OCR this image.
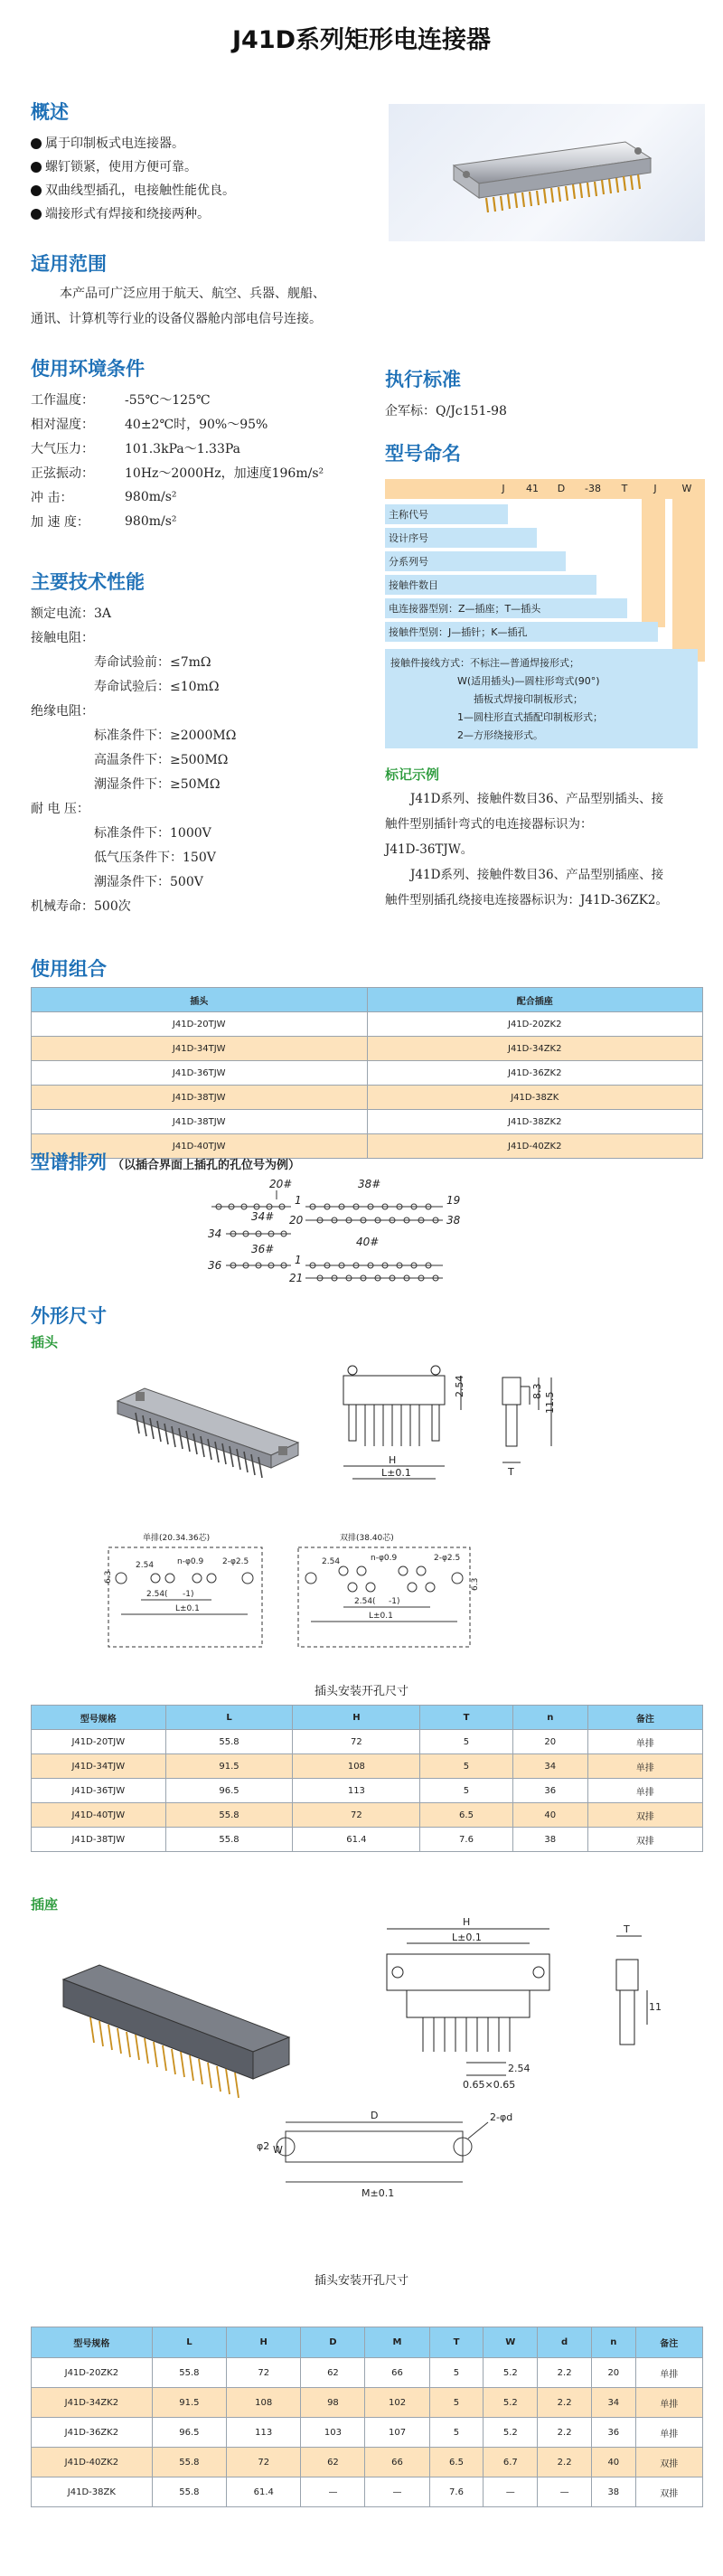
J41D系列矩形电连接器
概述
属于印制板式电连接器。
螺钉锁紧，使用方便可靠。
双曲线型插孔，电接触性能优良。
端接形式有焊接和绕接两种。
适用范围
本产品可广泛应用于航天、航空、兵器、舰船、
通讯、计算机等行业的设备仪器舱内部电信号连接。
使用环境条件
工作温度：	-55℃～125℃
相对湿度：	40±2℃时，90%～95%
大气压力：	101.3kPa～1.33Pa
正弦振动：	10Hz～2000Hz，加速度196m/s²
冲 击：	980m/s²
加 速 度：	980m/s²
主要技术性能
额定电流：3A
接触电阻：
寿命试验前：≤7mΩ
寿命试验后：≤10mΩ
绝缘电阻：
标准条件下：≥2000MΩ
高温条件下：≥500MΩ
潮湿条件下：≥50MΩ
耐 电 压：
标准条件下：1000V
低气压条件下：150V
潮湿条件下：500V
机械寿命：500次
执行标准
企军标：Q/Jc151-98
型号命名
J	41	D	-38	T	J	W
主称代号
设计序号
分系列号
接触件数目
电连接器型别：Z—插座；T—插头
接触件型别：J—插针；K—插孔
接触件接线方式：不标注—普通焊接形式；
W(适用插头)—圆柱形弯式(90°)
插板式焊接印制板形式；
1—圆柱形直式插配印制板形式；
2—方形绕接形式。
标记示例
J41D系列、接触件数目36、产品型别插头、接
触件型别插针弯式的电连接器标识为：
J41D-36TJW。
J41D系列、接触件数目36、产品型别插座、接
触件型别插孔绕接电连接器标识为：J41D-36ZK2。
使用组合
插头	配合插座
J41D-20TJW	J41D-20ZK2
J41D-34TJW	J41D-34ZK2
J41D-36TJW	J41D-36ZK2
J41D-38TJW	J41D-38ZK
J41D-38TJW	J41D-38ZK2
J41D-40TJW	J41D-40ZK2
型谱排列 （以插合界面上插孔的孔位号为例）
20#
34#
34
36#
36
38#
1	19
20	38
40#
1
21
外形尺寸
插头
H
L±0.1
2.54	8.3
11.5
T
单排(20.34.36芯)	双排(38.40芯)
2.54	n-φ0.9 2-φ2.5
2.54( -1)
L±0.1
6.3
2.54	n-φ0.9	2-φ2.5
2.54( -1)
L±0.1
6.3
插头安装开孔尺寸
型号规格	L	H	T	n	备注
J41D-20TJW	55.8	72	5	20	单排
J41D-34TJW	91.5	108	5	34	单排
J41D-36TJW	96.5	113	5	36	单排
J41D-40TJW	55.8	72	6.5	40	双排
J41D-38TJW	55.8	61.4	7.6	38	双排
插座
H
L±0.1
T
11
0.65×0.65
2.54
D	2-φd
M±0.1
φ2 W
插头安装开孔尺寸
型号规格	L	H	D	M	T	W	d	n	备注
J41D-20ZK2	55.8	72	62	66	5	5.2	2.2	20	单排
J41D-34ZK2	91.5	108	98	102	5	5.2	2.2	34	单排
J41D-36ZK2	96.5	113	103	107	5	5.2	2.2	36	单排
J41D-40ZK2	55.8	72	62	66	6.5	6.7	2.2	40	双排
J41D-38ZK	55.8	61.4	—	—	7.6	—	—	38	双排
